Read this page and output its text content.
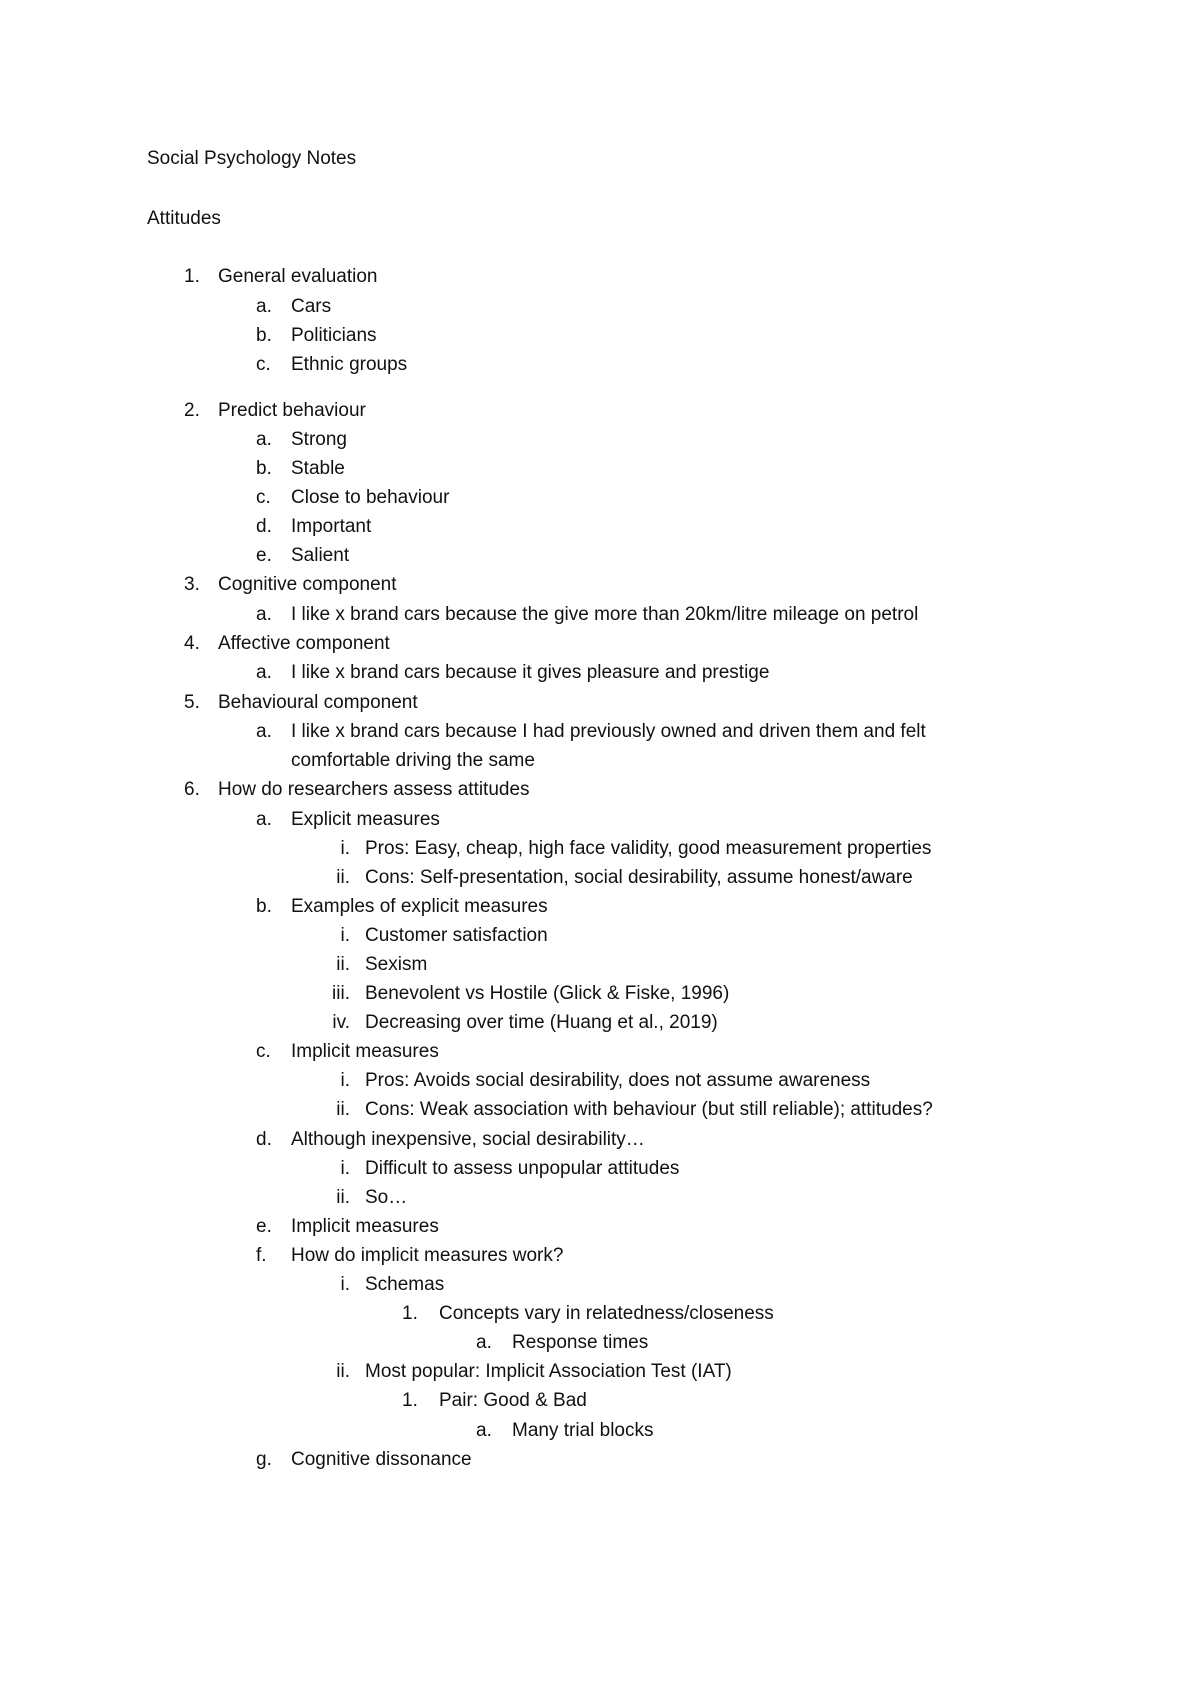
Social Psychology Notes
Attitudes
1. General evaluation
a. Cars
b. Politicians
c. Ethnic groups
2. Predict behaviour
a. Strong
b. Stable
c. Close to behaviour
d. Important
e. Salient
3. Cognitive component
a. I like x brand cars because the give more than 20km/litre mileage on petrol
4. Affective component
a. I like x brand cars because it gives pleasure and prestige
5. Behavioural component
a. I like x brand cars because I had previously owned and driven them and felt
comfortable driving the same
6. How do researchers assess attitudes
a. Explicit measures
i. Pros: Easy, cheap, high face validity, good measurement properties
ii. Cons: Self-presentation, social desirability, assume honest/aware
b. Examples of explicit measures
i. Customer satisfaction
ii. Sexism
iii. Benevolent vs Hostile (Glick & Fiske, 1996)
iv. Decreasing over time (Huang et al., 2019)
c. Implicit measures
i. Pros: Avoids social desirability, does not assume awareness
ii. Cons: Weak association with behaviour (but still reliable); attitudes?
d. Although inexpensive, social desirability…
i. Difficult to assess unpopular attitudes
ii. So…
e. Implicit measures
f. How do implicit measures work?
i. Schemas
1. Concepts vary in relatedness/closeness
a. Response times
ii. Most popular: Implicit Association Test (IAT)
1. Pair: Good & Bad
a. Many trial blocks
g. Cognitive dissonance
